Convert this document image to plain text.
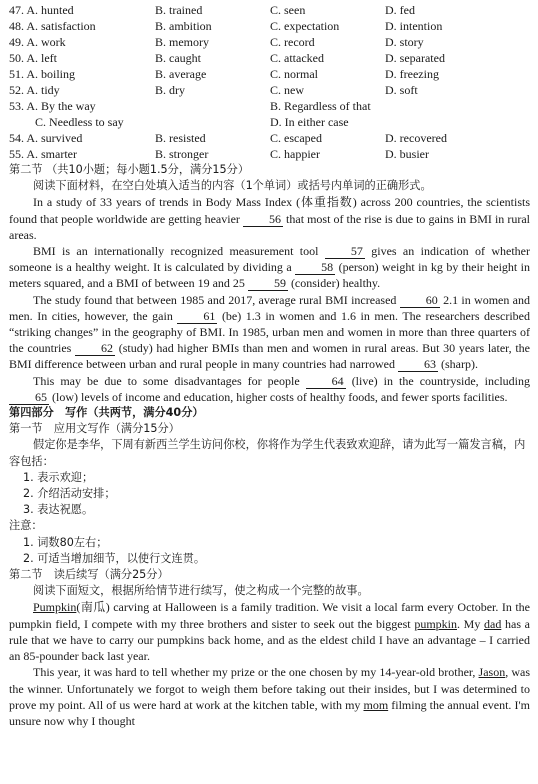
47. A. hunted	B. trained	C. seen	D. fed
48. A. satisfaction	B. ambition	C. expectation	D. intention
49. A. work	B. memory	C. record	D. story
50. A. left	B. caught	C. attacked	D. separated
51. A. boiling	B. average	C. normal	D. freezing
52. A. tidy	B. dry	C. new	D. soft
53. A. By the way	B. Regardless of that
C. Needless to say	D. In either case
54. A. survived	B. resisted	C. escaped	D. recovered
55. A. smarter	B. stronger	C. happier	D. busier
第二节 （共10小题；每小题1.5分，满分15分）
阅读下面材料，在空白处填入适当的内容（1个单词）或括号内单词的正确形式。

In a study of 33 years of trends in Body Mass Index (体重指数) across 200 countries, the scientists found that people worldwide are getting heavier 56 that most of the rise is due to gains in BMI in rural areas.

BMI is an internationally recognized measurement tool	57 gives an indication of whether someone is a healthy weight. It is calculated by dividing a 58 (person) weight in kg by their height in meters squared, and a BMI of between 19 and 25 59 (consider) healthy.

The study found that between 1985 and 2017, average rural BMI increased 60 2.1 in women and men. In cities, however, the gain	61 (be) 1.3 in women and 1.6 in men. The researchers described “striking changes” in the geography of BMI. In 1985, urban men and women in more than three quarters of the countries 62 (study) had higher BMIs than men and women in rural areas. But 30 years later, the BMI difference between urban and rural people in many countries had narrowed 63 (sharp).

This may be due to some disadvantages for people	64 (live) in the countryside, including 65 (low) levels of income and education, higher costs of healthy foods, and fewer sports facilities.

第四部分　写作（共两节，满分40分）
第一节　应用文写作（满分15分）
假定你是李华，下周有新西兰学生访问你校，你将作为学生代表致欢迎辞，请为此写一篇发言稿，内容包括：
1. 表示欢迎；
2. 介绍活动安排；
3. 表达祝愿。
注意：
1. 词数80左右；
2. 可适当增加细节，以使行文连贯。
第二节　读后续写（满分25分）
阅读下面短文，根据所给情节进行续写，使之构成一个完整的故事。

Pumpkin(南瓜) carving at Halloween is a family tradition. We visit a local farm every October. In the pumpkin field, I compete with my three brothers and sister to seek out the biggest pumpkin. My dad has a rule that we have to carry our pumpkins back home, and as the eldest child I have an advantage – I carried an 85-pounder back last year.

This year, it was hard to tell whether my prize or the one chosen by my 14-year-old brother, Jason, was the winner. Unfortunately we forgot to weigh them before taking out their insides, but I was determined to prove my point. All of us were hard at work at the kitchen table, with my mom filming the annual event. I'm unsure now why I thought
